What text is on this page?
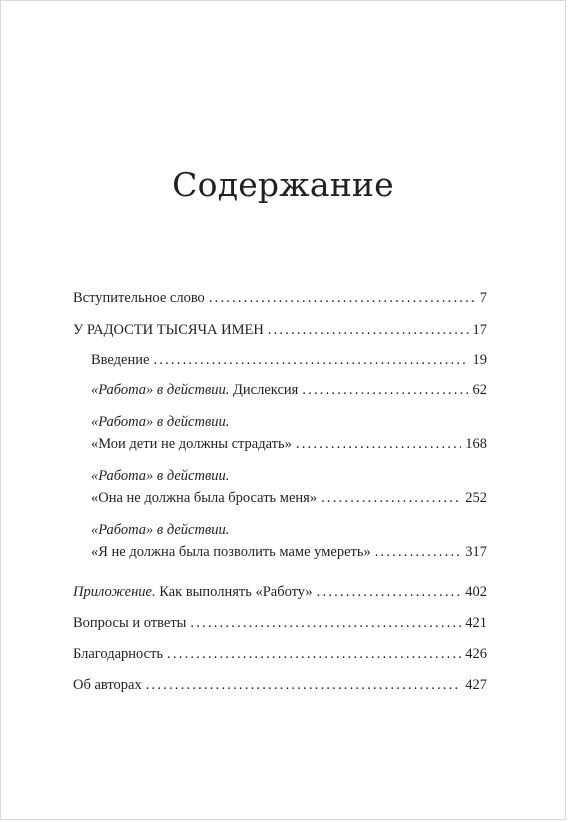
Содержание
Вступительное слово .....	7
У РАДОСТИ ТЫСЯЧА ИМЕН .....	17
Введение .....	19
«Работа» в действии. Дислексия .....	62
«Работа» в действии.
«Мои дети не должны страдать» .....	168
«Работа» в действии.
«Она не должна была бросать меня» .....	252
«Работа» в действии.
«Я не должна была позволить маме умереть» .....	317
Приложение. Как выполнять «Работу» .....	402
Вопросы и ответы .....	421
Благодарность .....	426
Об авторах .....	427
